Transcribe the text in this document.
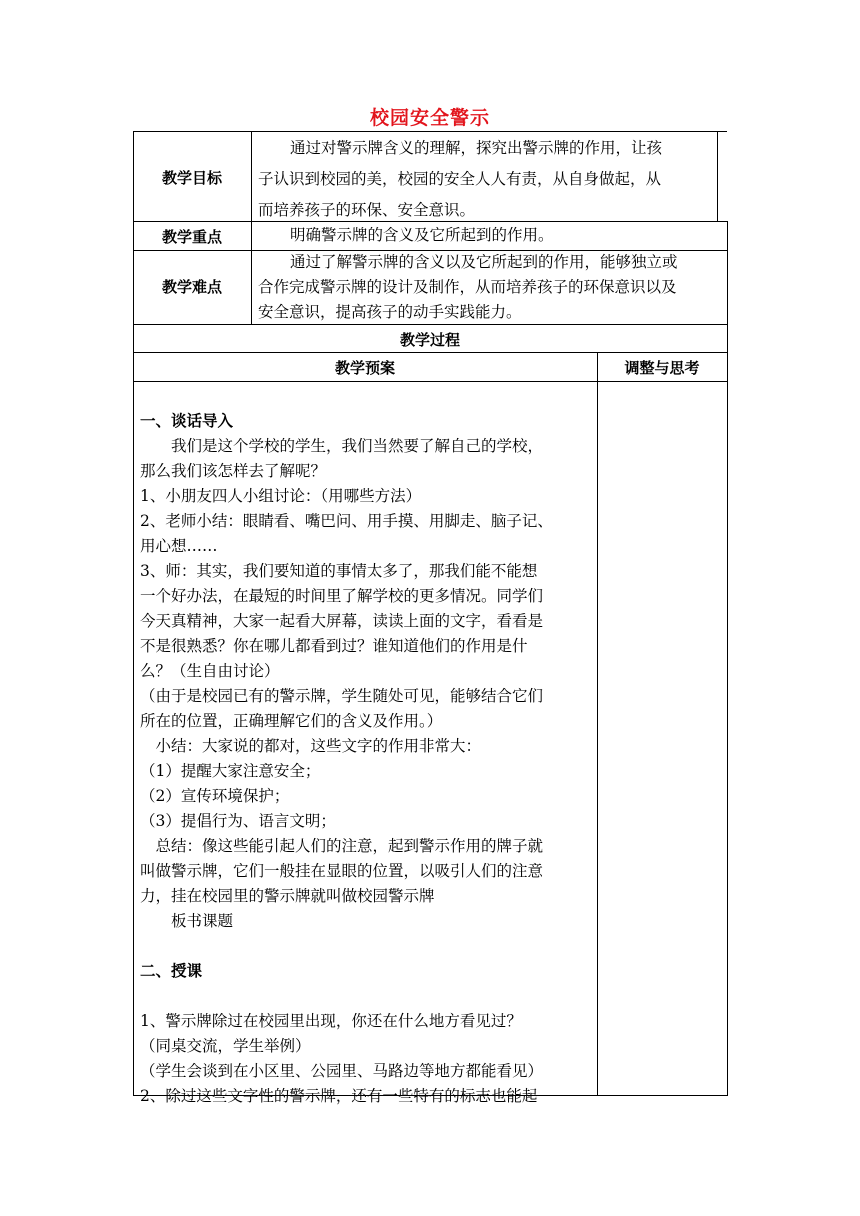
校园安全警示
教学目标
教学重点
教学难点

通过对警示牌含义的理解，探究出警示牌的作用，让孩

子认识到校园的美，校园的安全人人有责，从自身做起，从

而培养孩子的环保、安全意识。

明确警示牌的含义及它所起到的作用。

通过了解警示牌的含义以及它所起到的作用，能够独立或

合作完成警示牌的设计及制作，从而培养孩子的环保意识以及

安全意识，提高孩子的动手实践能力。

教学过程
教学预案	调整与思考

一、谈话导入

　　我们是这个学校的学生，我们当然要了解自己的学校，

那么我们该怎样去了解呢？

1、小朋友四人小组讨论：（用哪些方法）

2、老师小结：眼睛看、嘴巴问、用手摸、用脚走、脑子记、

用心想……

3、师：其实，我们要知道的事情太多了，那我们能不能想

一个好办法，在最短的时间里了解学校的更多情况。同学们

今天真精神，大家一起看大屏幕，读读上面的文字，看看是

不是很熟悉？你在哪儿都看到过？谁知道他们的作用是什

么？（生自由讨论）

（由于是校园已有的警示牌，学生随处可见，能够结合它们

所在的位置，正确理解它们的含义及作用。）

　小结：大家说的都对，这些文字的作用非常大：

（1）提醒大家注意安全；

（2）宣传环境保护；

（3）提倡行为、语言文明；

　总结：像这些能引起人们的注意，起到警示作用的牌子就

叫做警示牌，它们一般挂在显眼的位置，以吸引人们的注意

力，挂在校园里的警示牌就叫做校园警示牌

　　板书课题

二、授课

1、警示牌除过在校园里出现，你还在什么地方看见过？

（同桌交流，学生举例）

（学生会谈到在小区里、公园里、马路边等地方都能看见）

2、除过这些文字性的警示牌，还有一些特有的标志也能起
